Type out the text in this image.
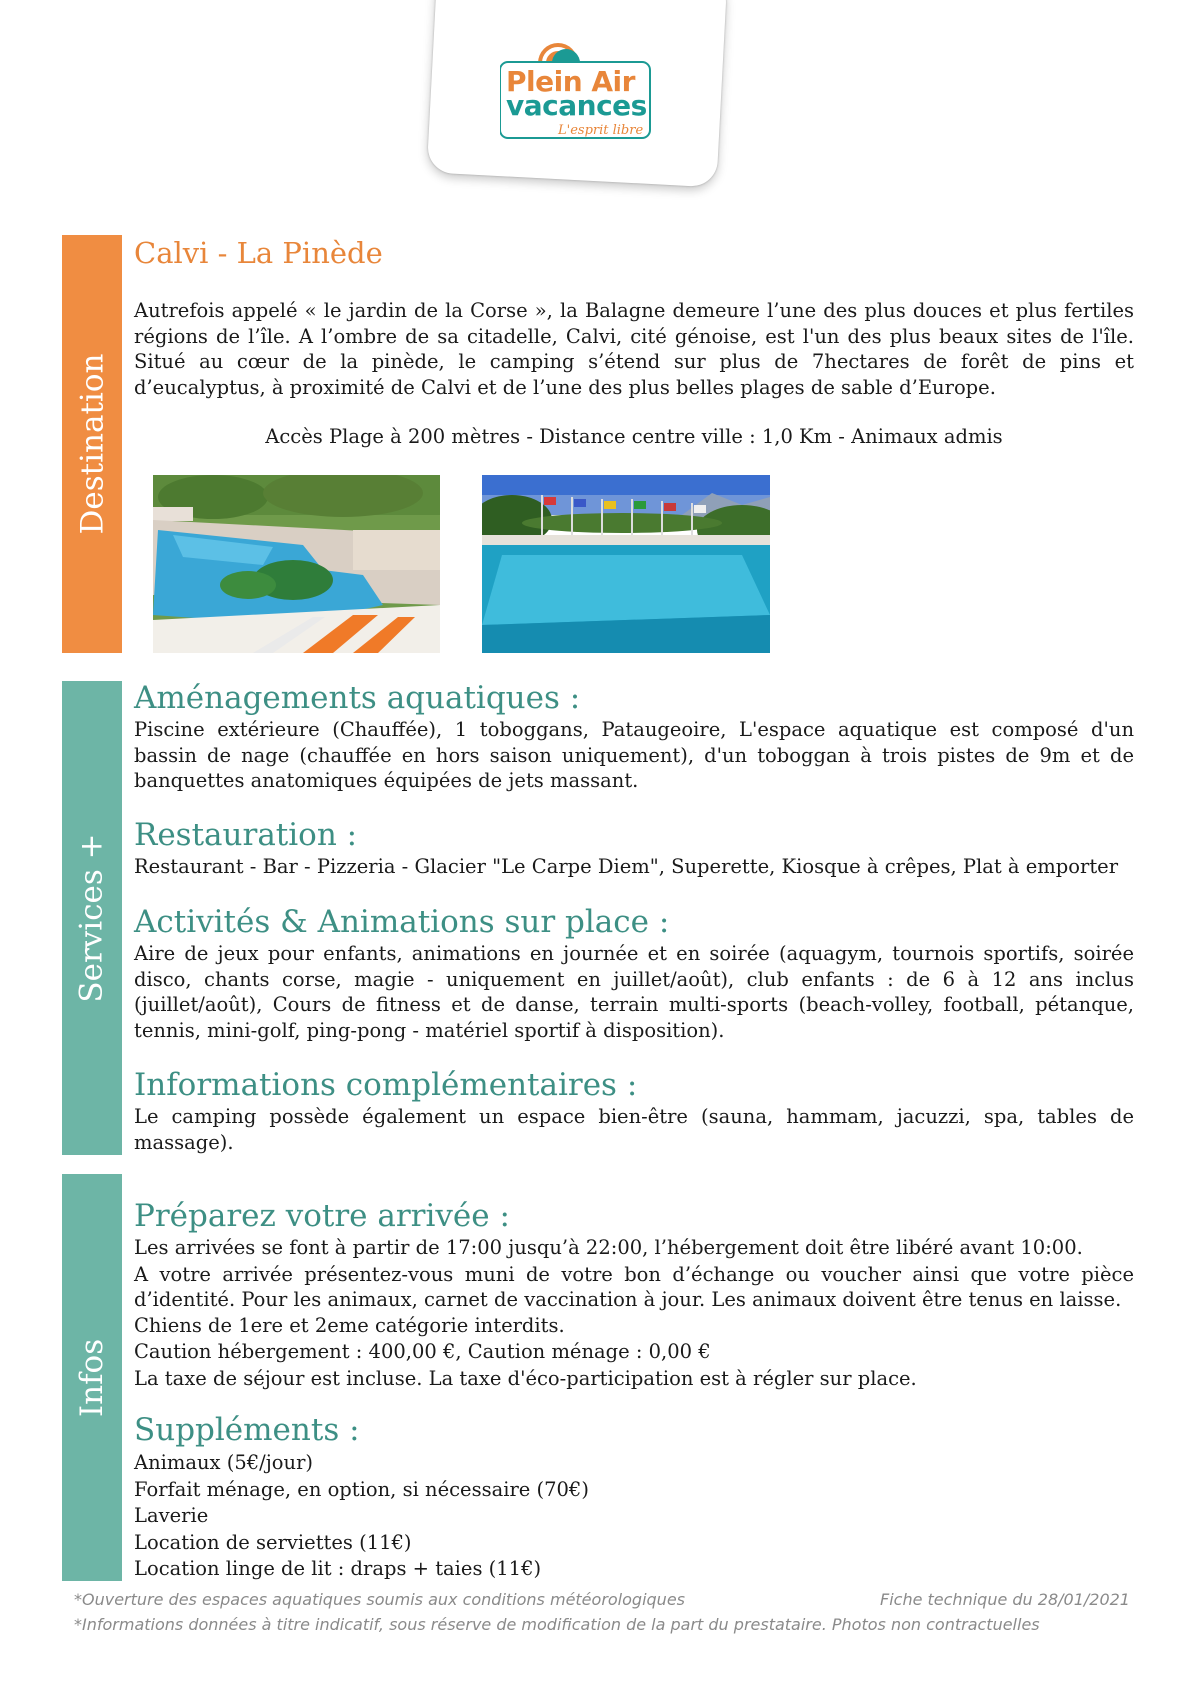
Plein Air
vacances
L'esprit libre
Destination
Services +
Infos
Calvi - La Pinède

Autrefois appelé « le jardin de la Corse », la Balagne demeure l’une des plus douces et plus fertiles régions de l’île. A l’ombre de sa citadelle, Calvi, cité génoise, est l'un des plus beaux sites de l'île. Situé au cœur de la pinède, le camping s’étend sur plus de 7hectares de forêt de pins et d’eucalyptus, à proximité de Calvi et de l’une des plus belles plages de sable d’Europe.

Accès Plage à 200 mètres - Distance centre ville : 1,0 Km - Animaux admis
Aménagements aquatiques :

Piscine extérieure (Chauffée), 1 toboggans, Pataugeoire, L'espace aquatique est composé d'un bassin de nage (chauffée en hors saison uniquement), d'un toboggan à trois pistes de 9m et de banquettes anatomiques équipées de jets massant.

Restauration :

Restaurant - Bar - Pizzeria - Glacier "Le Carpe Diem", Superette, Kiosque à crêpes, Plat à emporter

Activités & Animations sur place :

Aire de jeux pour enfants, animations en journée et en soirée (aquagym, tournois sportifs, soirée disco, chants corse, magie - uniquement en juillet/août), club enfants : de 6 à 12 ans inclus (juillet/août), Cours de fitness et de danse, terrain multi-sports (beach-volley, football, pétanque, tennis, mini-golf, ping-pong - matériel sportif à disposition).

Informations complémentaires :

Le camping possède également un espace bien-être (sauna, hammam, jacuzzi, spa, tables de massage).

Préparez votre arrivée :
Les arrivées se font à partir de 17:00 jusqu’à 22:00, l’hébergement doit être libéré avant 10:00.

A votre arrivée présentez-vous muni de votre bon d’échange ou voucher ainsi que votre pièce d’identité. Pour les animaux, carnet de vaccination à jour. Les animaux doivent être tenus en laisse.

Chiens de 1ere et 2eme catégorie interdits.
Caution hébergement : 400,00 €, Caution ménage : 0,00 €
La taxe de séjour est incluse. La taxe d'éco-participation est à régler sur place.
Suppléments :
Animaux (5€/jour)
Forfait ménage, en option, si nécessaire (70€)
Laverie
Location de serviettes (11€)
Location linge de lit : draps + taies (11€)
*Ouverture des espaces aquatiques soumis aux conditions météorologiques	Fiche technique du 28/01/2021
*Informations données à titre indicatif, sous réserve de modification de la part du prestataire. Photos non contractuelles
